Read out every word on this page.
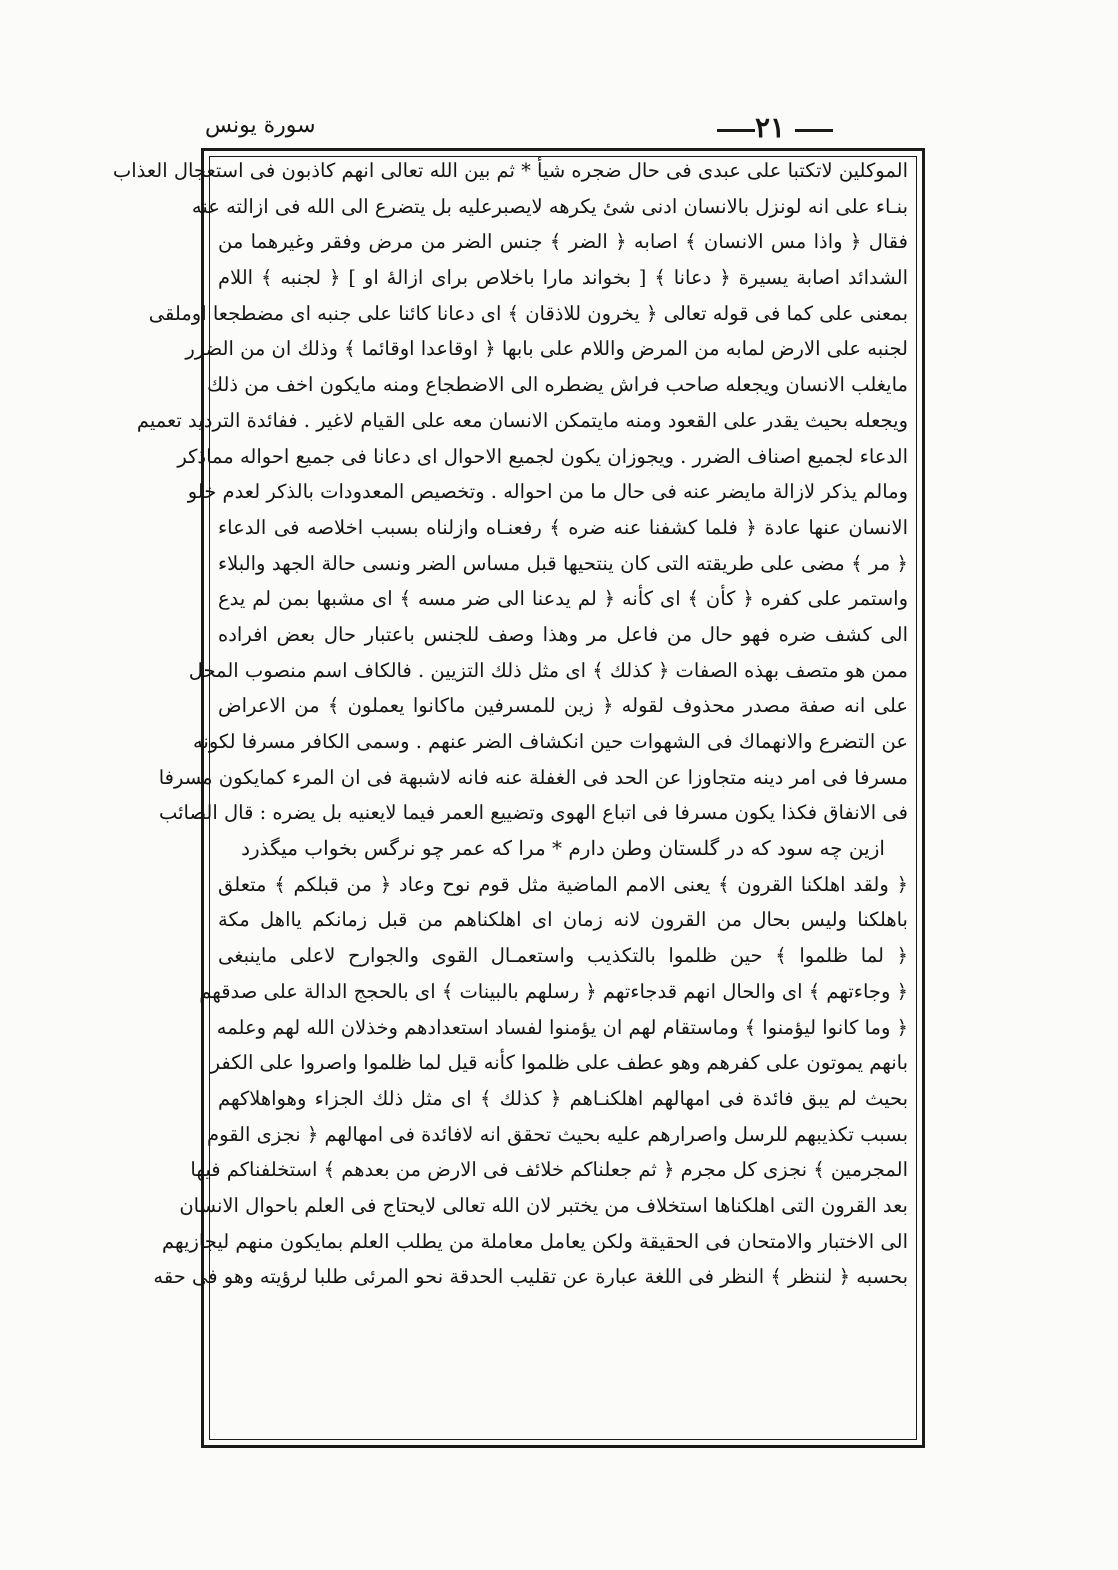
سورة يونس	٢١
الموكلين لاتكتبا على عبدى فى حال ضجره شيأ * ثم بين الله تعالى انهم كاذبون فى استعجال العذاب
بنـاء على انه لونزل بالانسان ادنى شئ يكرهه لايصبرعليه بل يتضرع الى الله فى ازالته عنه
فقال ﴿ واذا مس الانسان ﴾ اصابه ﴿ الضر ﴾ جنس الضر من مرض وفقر وغيرهما من
الشدائد اصابة يسيرة ﴿ دعانا ﴾ [ بخواند مارا باخلاص براى ازالهٔ او ] ﴿ لجنبه ﴾ اللام
بمعنى على كما فى قوله تعالى ﴿ يخرون للاذقان ﴾ اى دعانا كائنا على جنبه اى مضطجعا اوملقى
لجنبه على الارض لمابه من المرض واللام على بابها ﴿ اوقاعدا اوقائما ﴾ وذلك ان من الضرر
مايغلب الانسان ويجعله صاحب فراش يضطره الى الاضطجاع ومنه مايكون اخف من ذلك
ويجعله بحيث يقدر على القعود ومنه مايتمكن الانسان معه على القيام لاغير . ففائدة الترديد تعميم
الدعاء لجميع اصناف الضرر . ويجوزان يكون لجميع الاحوال اى دعانا فى جميع احواله مماذكر
ومالم يذكر لازالة مايضر عنه فى حال ما من احواله . وتخصيص المعدودات بالذكر لعدم خلو
الانسان عنها عادة ﴿ فلما كشفنا عنه ضره ﴾ رفعنـاه وازلناه بسبب اخلاصه فى الدعاء
﴿ مر ﴾ مضى على طريقته التى كان ينتحيها قبل مساس الضر ونسى حالة الجهد والبلاء
واستمر على كفره ﴿ كأن ﴾ اى كأنه ﴿ لم يدعنا الى ضر مسه ﴾ اى مشبها بمن لم يدع
الى كشف ضره فهو حال من فاعل مر وهذا وصف للجنس باعتبار حال بعض افراده
ممن هو متصف بهذه الصفات ﴿ كذلك ﴾ اى مثل ذلك التزيين . فالكاف اسم منصوب المحل
على انه صفة مصدر محذوف لقوله ﴿ زين للمسرفين ماكانوا يعملون ﴾ من الاعراض
عن التضرع والانهماك فى الشهوات حين انكشاف الضر عنهم . وسمى الكافر مسرفا لكونه
مسرفا فى امر دينه متجاوزا عن الحد فى الغفلة عنه فانه لاشبهة فى ان المرء كمايكون مسرفا
فى الانفاق فكذا يكون مسرفا فى اتباع الهوى وتضييع العمر فيما لايعنيه بل يضره : قال الصائب
ازين چه سود كه در گلستان وطن دارم * مرا كه عمر چو نرگس بخواب ميگذرد
﴿ ولقد اهلكنا القرون ﴾ يعنى الامم الماضية مثل قوم نوح وعاد ﴿ من قبلكم ﴾ متعلق
باهلكنا وليس بحال من القرون لانه زمان اى اهلكناهم من قبل زمانكم يااهل مكة
﴿ لما ظلموا ﴾ حين ظلموا بالتكذيب واستعمـال القوى والجوارح لاعلى ماينبغى
﴿ وجاءتهم ﴾ اى والحال انهم قدجاءتهم ﴿ رسلهم بالبينات ﴾ اى بالحجج الدالة على صدقهم
﴿ وما كانوا ليؤمنوا ﴾ وماستقام لهم ان يؤمنوا لفساد استعدادهم وخذلان الله لهم وعلمه
بانهم يموتون على كفرهم وهو عطف على ظلموا كأنه قيل لما ظلموا واصروا على الكفر
بحيث لم يبق فائدة فى امهالهم اهلكنـاهم ﴿ كذلك ﴾ اى مثل ذلك الجزاء وهواهلاكهم
بسبب تكذيبهم للرسل واصرارهم عليه بحيث تحقق انه لافائدة فى امهالهم ﴿ نجزى القوم
المجرمين ﴾ نجزى كل مجرم ﴿ ثم جعلناكم خلائف فى الارض من بعدهم ﴾ استخلفناكم فيها
بعد القرون التى اهلكناها استخلاف من يختبر لان الله تعالى لايحتاج فى العلم باحوال الانسان
الى الاختبار والامتحان فى الحقيقة ولكن يعامل معاملة من يطلب العلم بمايكون منهم ليجازيهم
بحسبه ﴿ لننظر ﴾ النظر فى اللغة عبارة عن تقليب الحدقة نحو المرئى طلبا لرؤيته وهو فى حقه
